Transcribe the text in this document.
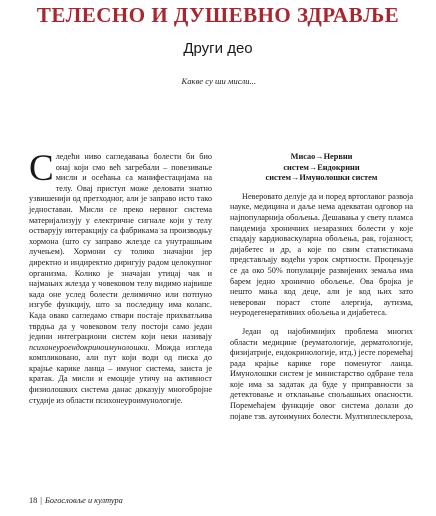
ТЕЛЕСНО И ДУШЕВНО ЗДРАВЉЕ
Други део
Какве су ши мисли...

Следећи ниво сагледавања болести би био онај који смо већ загребали – повезивање мисли и осећања са манифестацијама на телу. Овај приступ може деловати знатно узвишенији од претходног, али је заправо исто тако једноставан. Мисли се преко нервног система материјализују у електричне сигнале који у телу остварују интеракцију са фабрикама за производњу хормона (што су заправо жлезде са унутрашњим лучењем). Хормони су толико значајни јер директно и индиректно диригују радом целокупног организма. Колико је значајан утицај чак и најмањих жлезда у човековом телу видимо највише када оне услед болести делимично или потпуно изгубе функцију, што за последицу има колапс. Када овако сагледамо ствари постаје прихватљива тврдња да у човековом телу постоји само један једини интеграциони систем који неки називају психонеуроендокриноимунолошки. Можда изгледа компликовано, али пут који води од писка до крајње карике ланца – имуног система, заиста је кратак. Да мисли и емоције утичу на активност физиолошких система данас доказују многобројне студије из области психонеуроимунологије.

Мисао→Нервни
систем→Ендокрини
систем→Имунолошки систем

Неверовато делује да и поред вртоглавог развоја науке, медицина и даље нема адекватан одговор на најпопуларнија обољења. Дешавања у свету пламса пандемија хроничних незаразних болести у које спадају кардиоваскуларна обољења, рак, гојазност, дијабетес и др, а које по свим статистикама представљају водећи узрок смртности. Процењује се да око 50% популације развијених земаља има барем једно хронично обољење. Ова бројка је нешто мања код деце, али је код њих зато неверован пораст стопе алергија, аутизма, неуродегенеративних обољења и дијабетеса.

Један од најобимнијих проблема многих области медицине (реуматологије, дерматологије, физијатрије, ендокринологије, итд.) јесте поремећај рада крајње карике горе поменутог ланца. Имунолошки систем је министарство одбране тела које има за задатак да буде у приправности за детектовање и отклањање спољашњих опасности. Поремећајем функције овог система долази до појаве тзв. аутоимуних болести. Мултиплесклероза,

18 | Богословље и култура
